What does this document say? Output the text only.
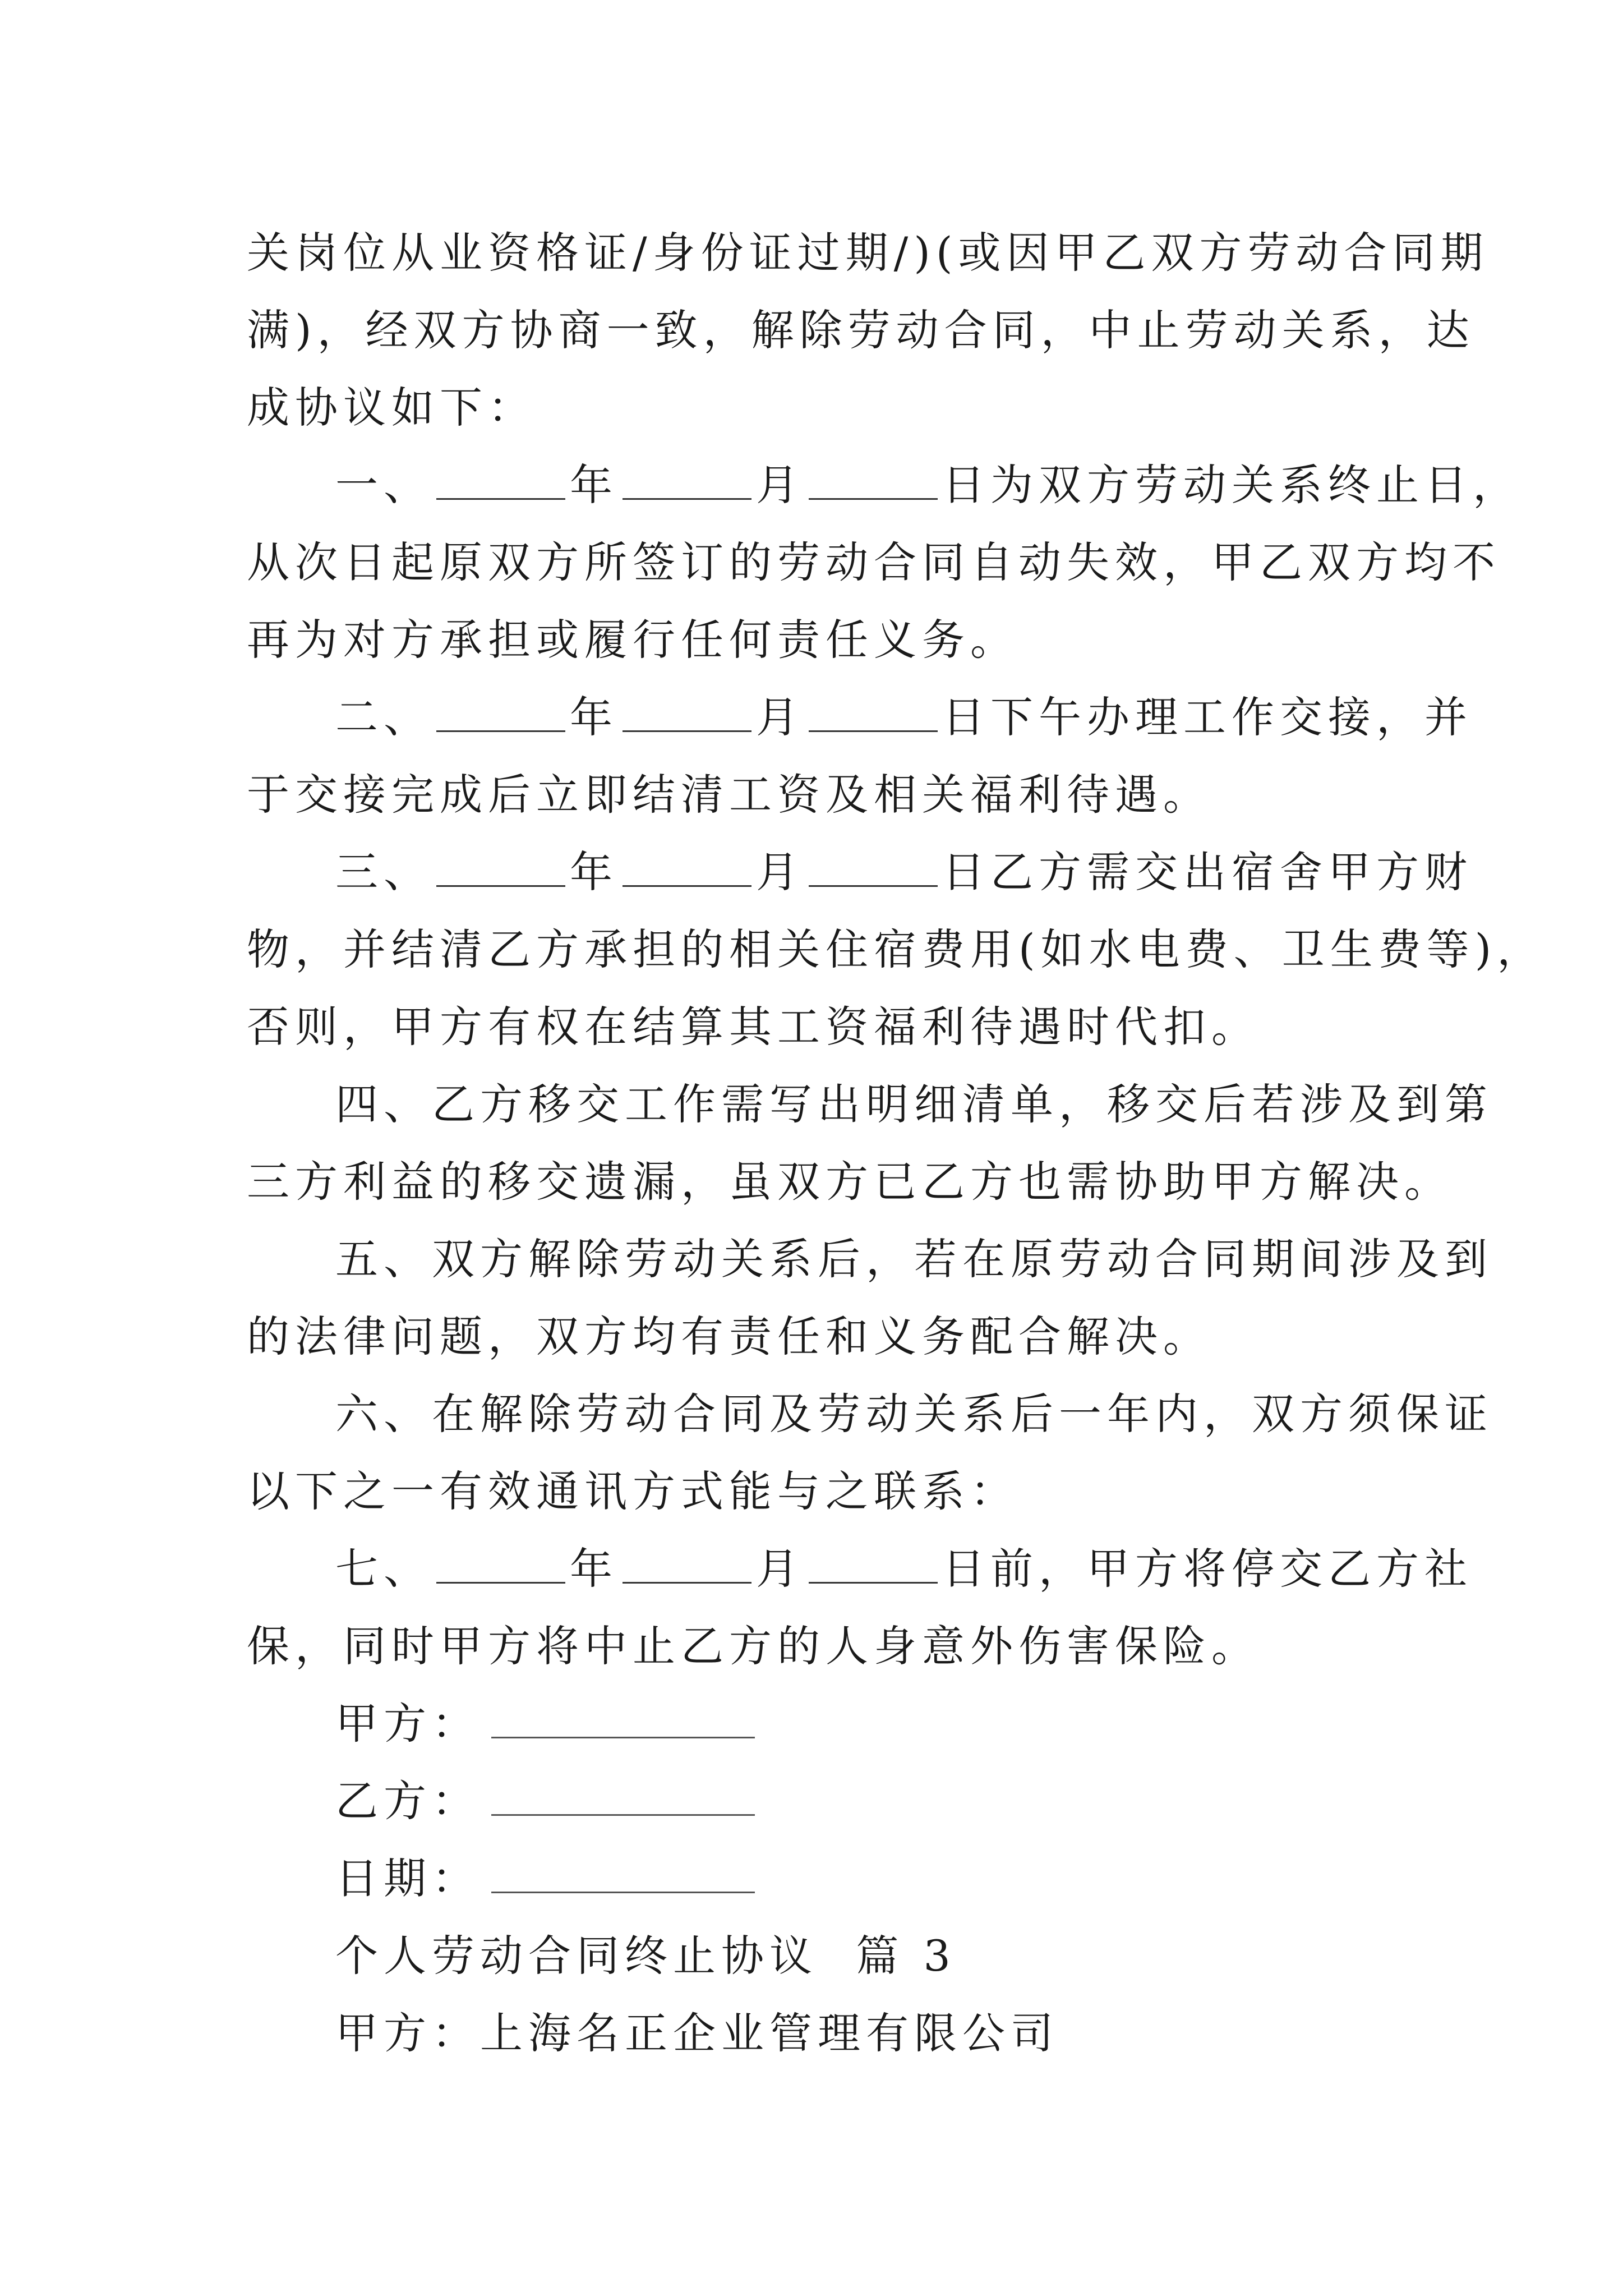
关岗位从业资格证/身份证过期/)(或因甲乙双方劳动合同期
满)，经双方协商一致，解除劳动合同，中止劳动关系，达
成协议如下：
一、	年	月	日为双方劳动关系终止日，
从次日起原双方所签订的劳动合同自动失效，甲乙双方均不
再为对方承担或履行任何责任义务。
二、	年	月	日下午办理工作交接，并
于交接完成后立即结清工资及相关福利待遇。
三、	年	月	日乙方需交出宿舍甲方财
物，并结清乙方承担的相关住宿费用(如水电费、卫生费等)，
否则，甲方有权在结算其工资福利待遇时代扣。
四、乙方移交工作需写出明细清单，移交后若涉及到第
三方利益的移交遗漏，虽双方已乙方也需协助甲方解决。
五、双方解除劳动关系后，若在原劳动合同期间涉及到
的法律问题，双方均有责任和义务配合解决。
六、在解除劳动合同及劳动关系后一年内，双方须保证
以下之一有效通讯方式能与之联系：
七、	年	月	日前，甲方将停交乙方社
保，同时甲方将中止乙方的人身意外伤害保险。
甲方：
乙方：
日期：
个人劳动合同终止协议  篇 3
甲方：上海名正企业管理有限公司
